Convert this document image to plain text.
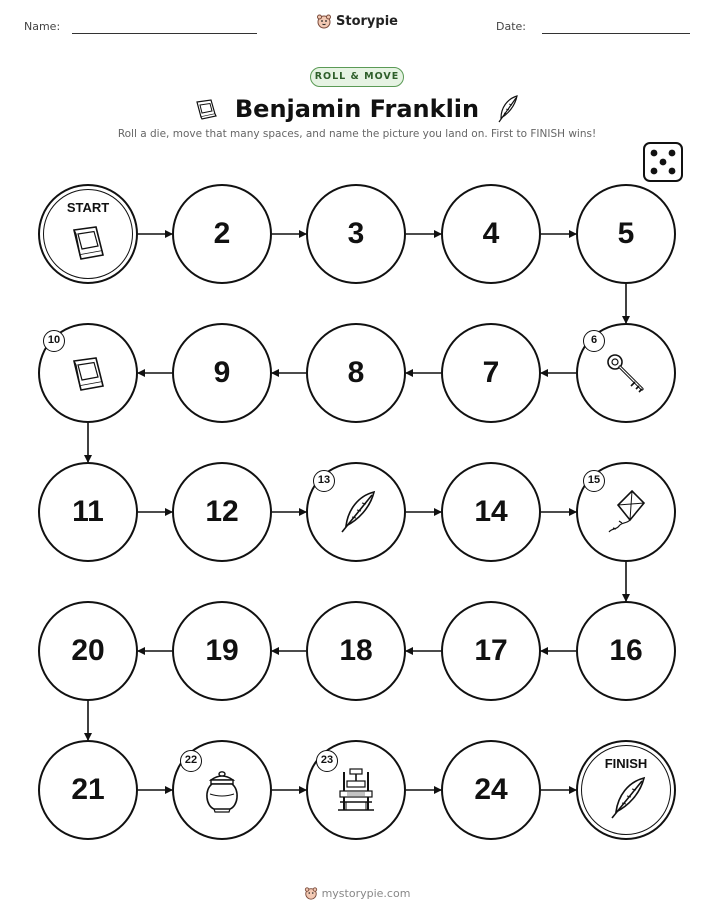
Name:	Date:
Storypie
ROLL & MOVE
Benjamin Franklin
Roll a die, move that many spaces, and name the picture you land on. First to FINISH wins!
START
2	3	4	5
10
9	8	7
6
11	12
13
14
15
20	19	18	17	16
21
22	23
24
FINISH
mystorypie.com
